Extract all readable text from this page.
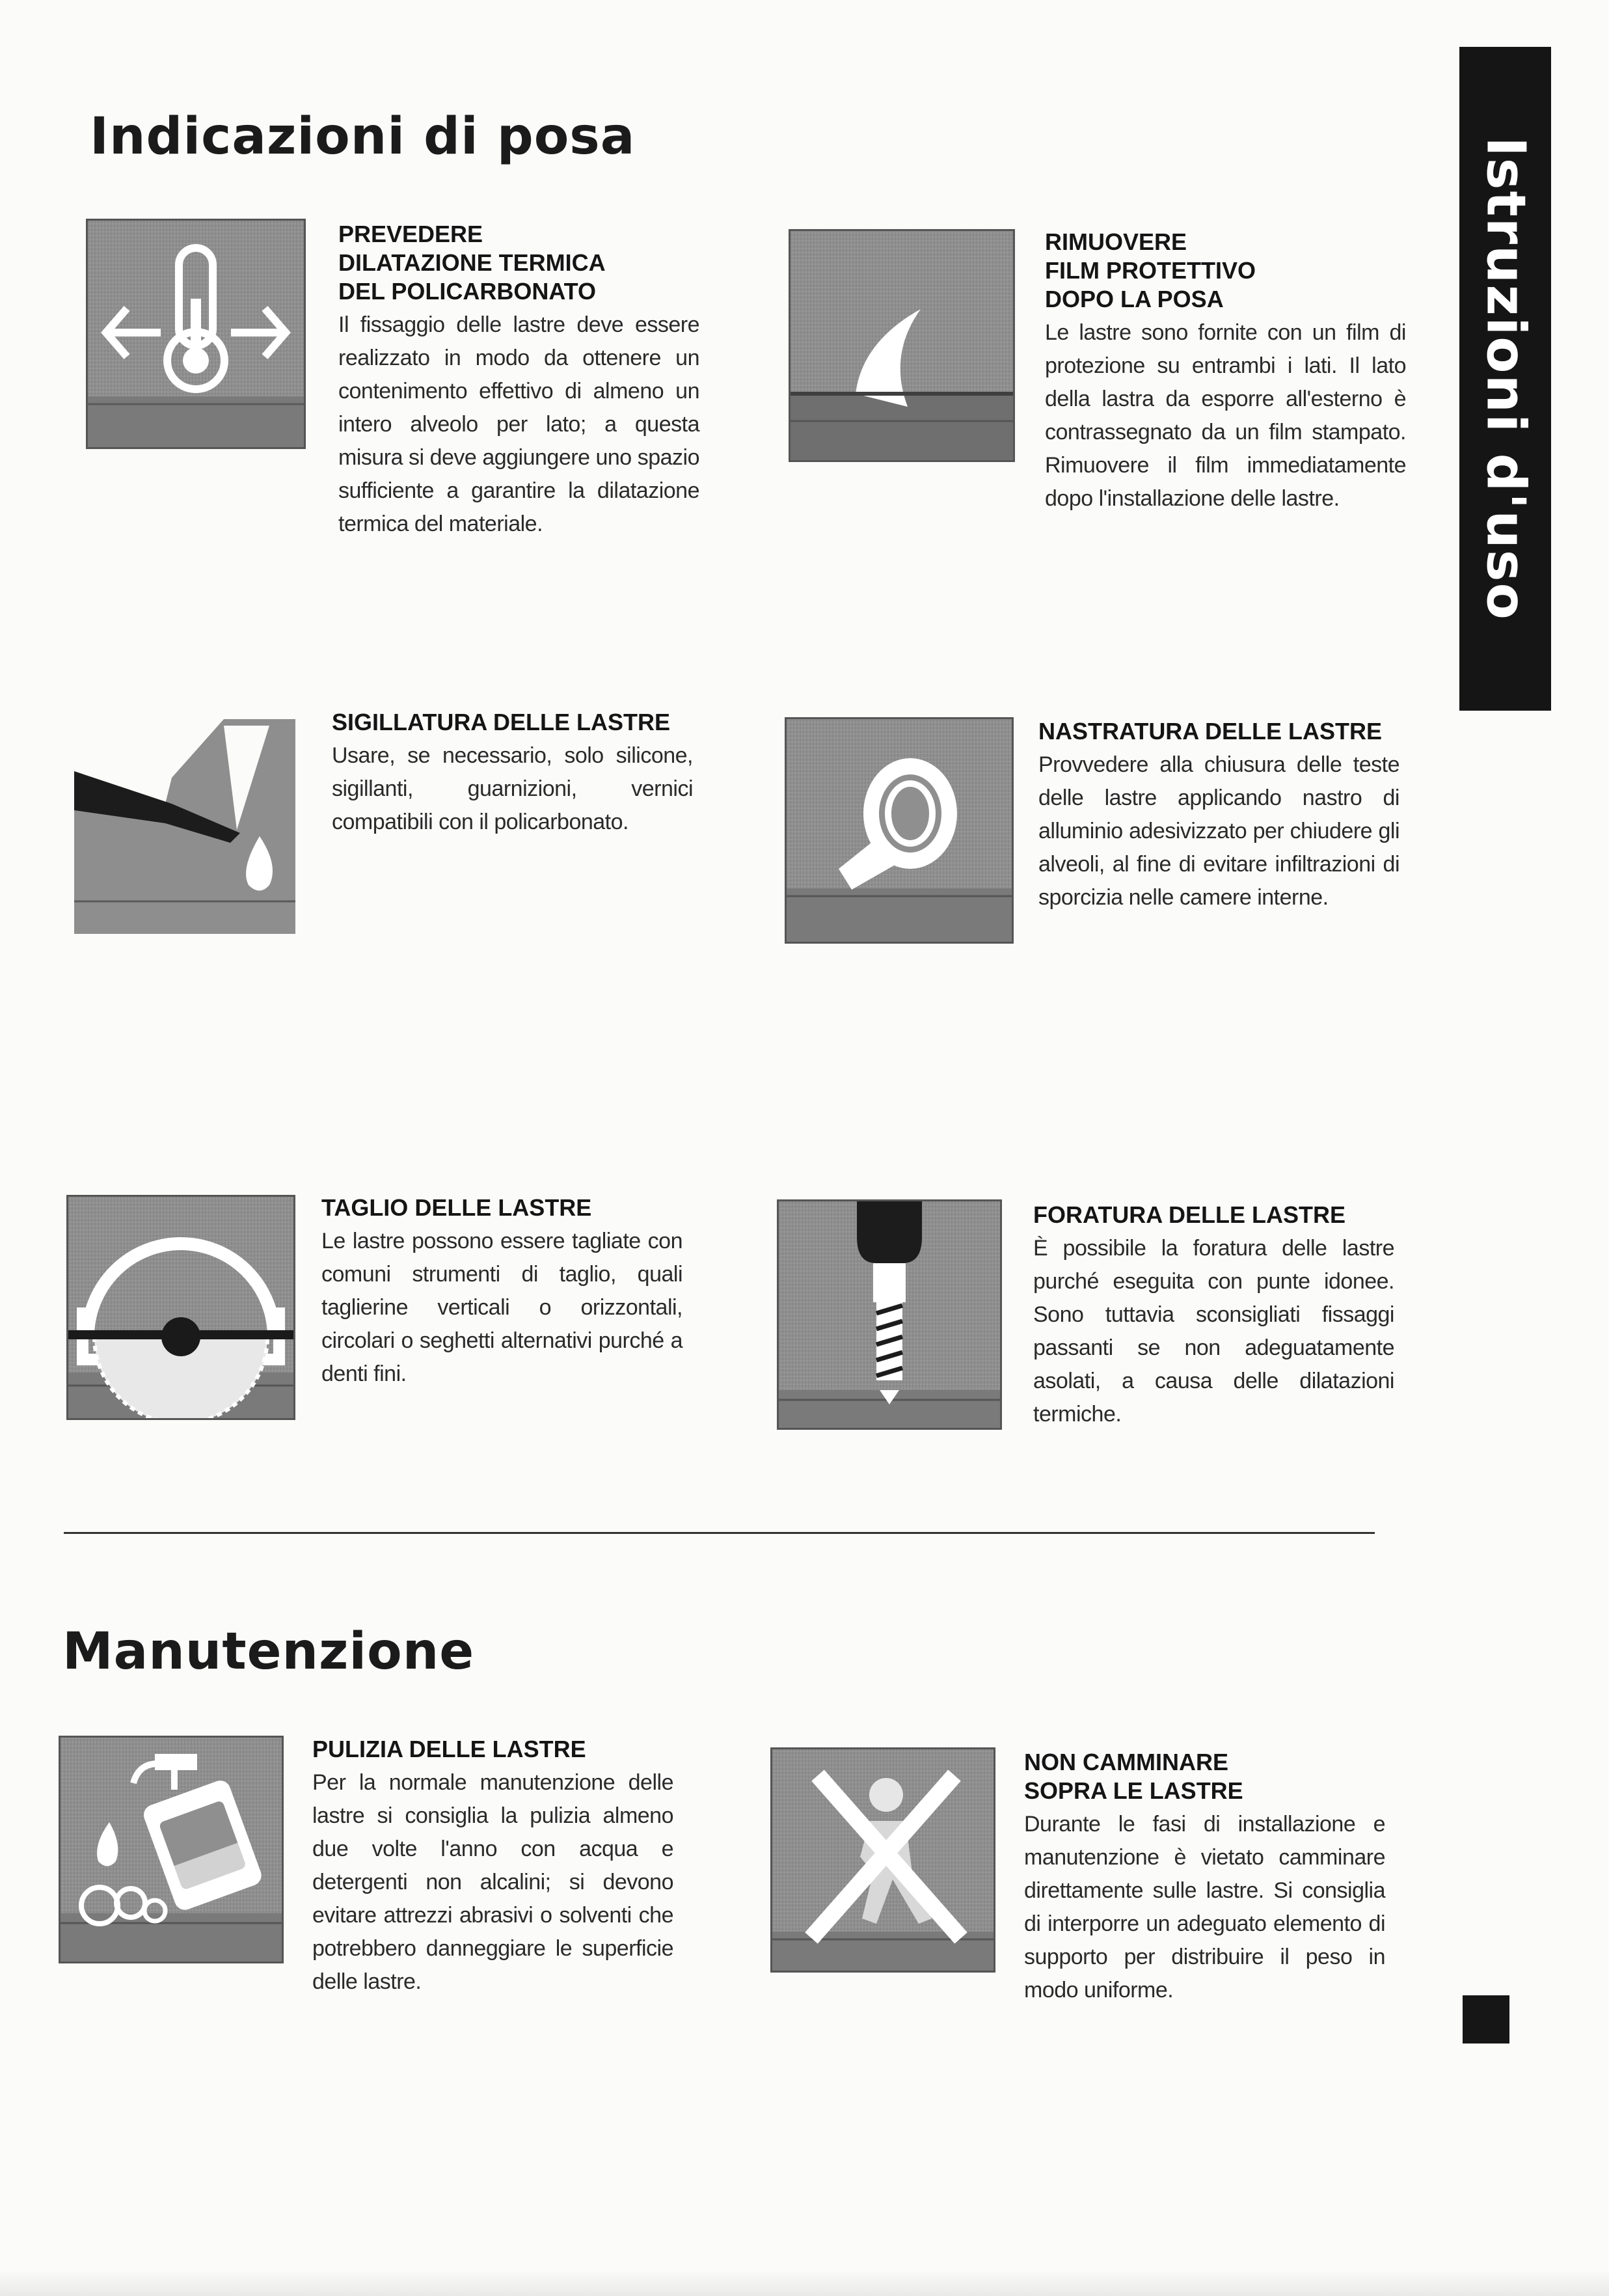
Indicazioni di posa
Istruzioni d'uso
PREVEDERE
DILATAZIONE TERMICA
DEL POLICARBONATO
Il fissaggio delle lastre deve essere realizzato in modo da ottenere un contenimento effettivo di almeno un intero alveolo per lato; a questa misura si deve aggiungere uno spazio sufficiente a garantire la dilatazione termica del materiale.
RIMUOVERE
FILM PROTETTIVO
DOPO LA POSA
Le lastre sono fornite con un film di protezione su entrambi i lati. Il lato della lastra da esporre all'esterno è contrassegnato da un film stampato. Rimuovere il film immediatamente dopo l'installazione delle lastre.
SIGILLATURA DELLE LASTRE
Usare, se necessario, solo silicone, sigillanti, guarnizioni, vernici compatibili con il policarbonato.
NASTRATURA DELLE LASTRE
Provvedere alla chiusura delle teste delle lastre applicando nastro di alluminio adesivizzato per chiudere gli alveoli, al fine di evitare infiltrazioni di sporcizia nelle camere interne.
TAGLIO DELLE LASTRE
Le lastre possono essere tagliate con comuni strumenti di taglio, quali taglierine verticali o orizzontali, circolari o seghetti alternativi purché a denti fini.
FORATURA DELLE LASTRE
È possibile la foratura delle lastre purché eseguita con punte idonee. Sono tuttavia sconsigliati fissaggi passanti se non adeguatamente asolati, a causa delle dilatazioni termiche.
Manutenzione
PULIZIA DELLE LASTRE
Per la normale manutenzione delle lastre si consiglia la pulizia almeno due volte l'anno con acqua e detergenti non alcalini; si devono evitare attrezzi abrasivi o solventi che potrebbero danneggiare le superficie delle lastre.
NON CAMMINARE
SOPRA LE LASTRE
Durante le fasi di installazione e manutenzione è vietato camminare direttamente sulle lastre. Si consiglia di interporre un adeguato elemento di supporto per distribuire il peso in modo uniforme.
